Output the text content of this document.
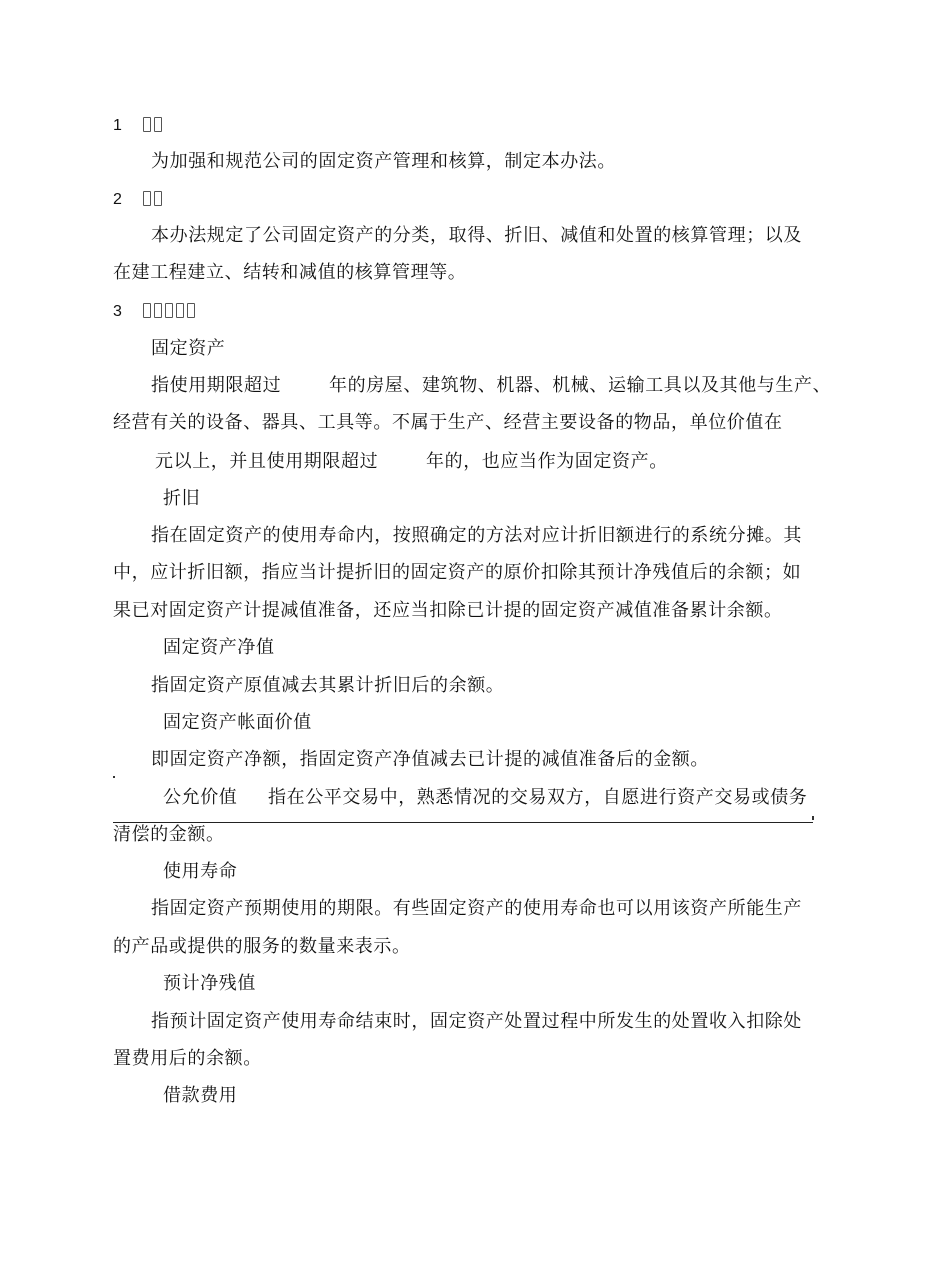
1
为加强和规范公司的固定资产管理和核算，制定本办法。
2
本办法规定了公司固定资产的分类，取得、折旧、减值和处置的核算管理；以及
在建工程建立、结转和减值的核算管理等。
3
固定资产
指使用期限超过	年的房屋、建筑物、机器、机械、运输工具以及其他与生产、
经营有关的设备、器具、工具等。不属于生产、经营主要设备的物品，单位价值在
元以上，并且使用期限超过	年的，也应当作为固定资产。
折旧
指在固定资产的使用寿命内，按照确定的方法对应计折旧额进行的系统分摊。其
中，应计折旧额，指应当计提折旧的固定资产的原价扣除其预计净残值后的余额；如
果已对固定资产计提减值准备，还应当扣除已计提的固定资产减值准备累计余额。
固定资产净值
指固定资产原值减去其累计折旧后的余额。
固定资产帐面价值
即固定资产净额，指固定资产净值减去已计提的减值准备后的金额。
公允价值 指在公平交易中，熟悉情况的交易双方，自愿进行资产交易或债务
清偿的金额。
使用寿命
指固定资产预期使用的期限。有些固定资产的使用寿命也可以用该资产所能生产
的产品或提供的服务的数量来表示。
预计净残值
指预计固定资产使用寿命结束时，固定资产处置过程中所发生的处置收入扣除处
置费用后的余额。
借款费用
